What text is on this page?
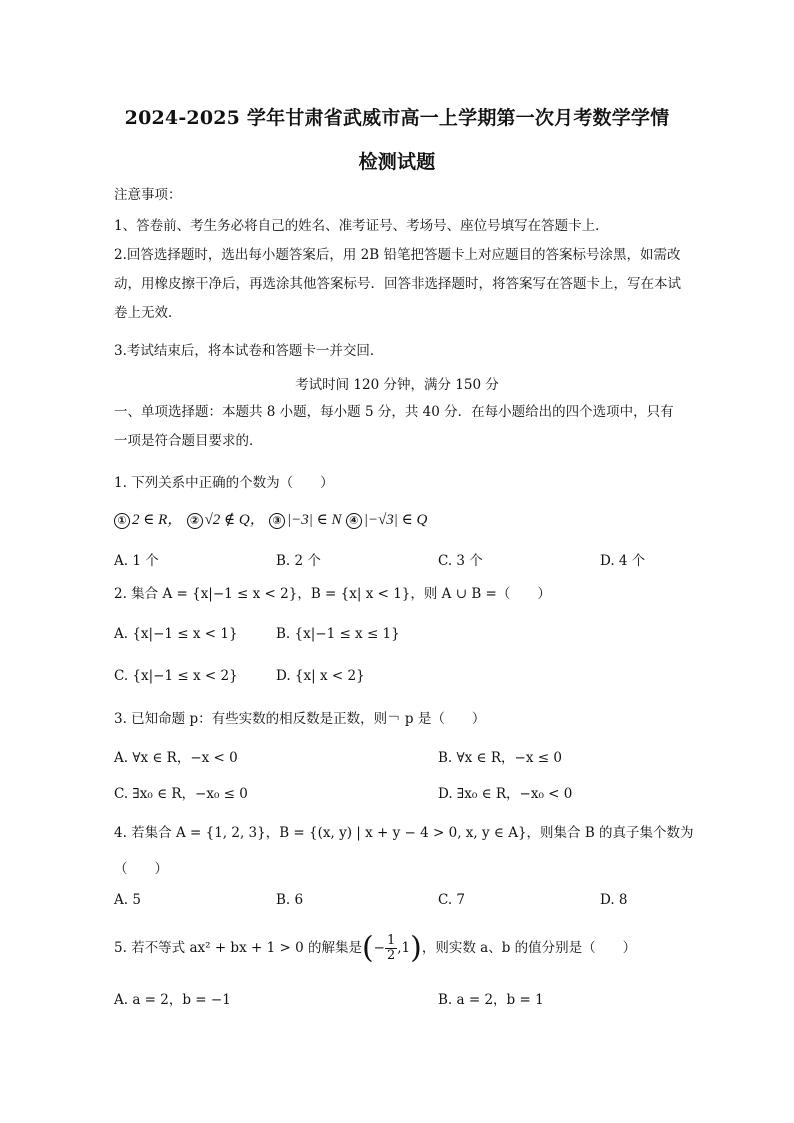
2024-2025 学年甘肃省武威市高一上学期第一次月考数学学情
检测试题
注意事项：
1、答卷前、考生务必将自己的姓名、准考证号、考场号、座位号填写在答题卡上．
2.回答选择题时，选出每小题答案后，用 2B 铅笔把答题卡上对应题目的答案标号涂黑，如需改动，用橡皮擦干净后，再选涂其他答案标号．回答非选择题时，将答案写在答题卡上，写在本试卷上无效．
3.考试结束后，将本试卷和答题卡一并交回．
考试时间 120 分钟，满分 150 分
一、单项选择题：本题共 8 小题，每小题 5 分，共 40 分．在每小题给出的四个选项中，只有一项是符合题目要求的．
1. 下列关系中正确的个数为（　　）
① 2 ∈ R， ② √2 ∉ Q， ③ |−3| ∈ N ④ |−√3| ∈ Q
A. 1 个	B. 2 个	C. 3 个	D. 4 个
2. 集合 A = {x|−1 ≤ x < 2}，B = {x| x < 1}，则 A ∪ B =（　　）
A. {x|−1 ≤ x < 1}	B. {x|−1 ≤ x ≤ 1}
C. {x|−1 ≤ x < 2}	D. {x| x < 2}
3. 已知命题 p：有些实数的相反数是正数，则￢ p 是（　　）
A. ∀x ∈ R，−x < 0	B. ∀x ∈ R，−x ≤ 0
C. ∃x₀ ∈ R，−x₀ ≤ 0	D. ∃x₀ ∈ R，−x₀ < 0
4. 若集合 A = {1, 2, 3}，B = {(x, y) | x + y − 4 > 0, x, y ∈ A}，则集合 B 的真子集个数为
（　　）
A. 5	B. 6	C. 7	D. 8
5. 若不等式 ax² + bx + 1 > 0 的解集是(− $\frac{1}{2} ,1$)，则实数 a、b 的值分别是（　　）
A. a = 2，b = −1	B. a = 2，b = 1
